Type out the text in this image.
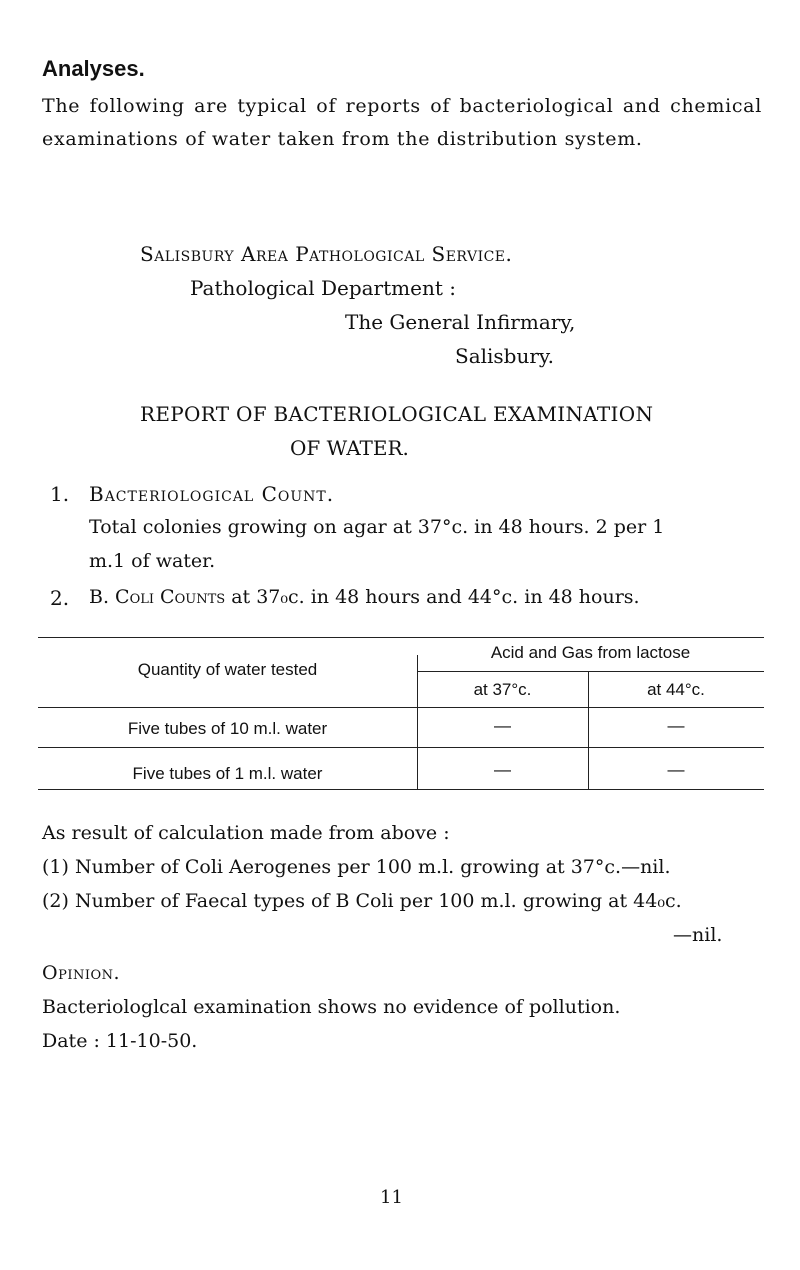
Analyses.
The following are typical of reports of bacteriological and chemical examinations of water taken from the distribution system.
Salisbury Area Pathological Service.
Pathological Department :
The General Infirmary,
Salisbury.
REPORT OF BACTERIOLOGICAL EXAMINATION
OF WATER.
1. Bacteriological Count.
Total colonies growing on agar at 37°c. in 48 hours. 2 per 1
m.1 of water.
2. B. Coli Counts at 37₀c. in 48 hours and 44°c. in 48 hours.
Quantity of water tested
Acid and Gas from lactose
at 37°c.	at 44°c.
Five tubes of 10 m.l. water	—	—
Five tubes of 1 m.l. water	—	—
As result of calculation made from above :
(1) Number of Coli Aerogenes per 100 m.l. growing at 37°c.—nil.
(2) Number of Faecal types of B Coli per 100 m.l. growing at 44₀c.
—nil.
Opinion.
Bacteriologlcal examination shows no evidence of pollution.
Date : 11-10-50.
11
